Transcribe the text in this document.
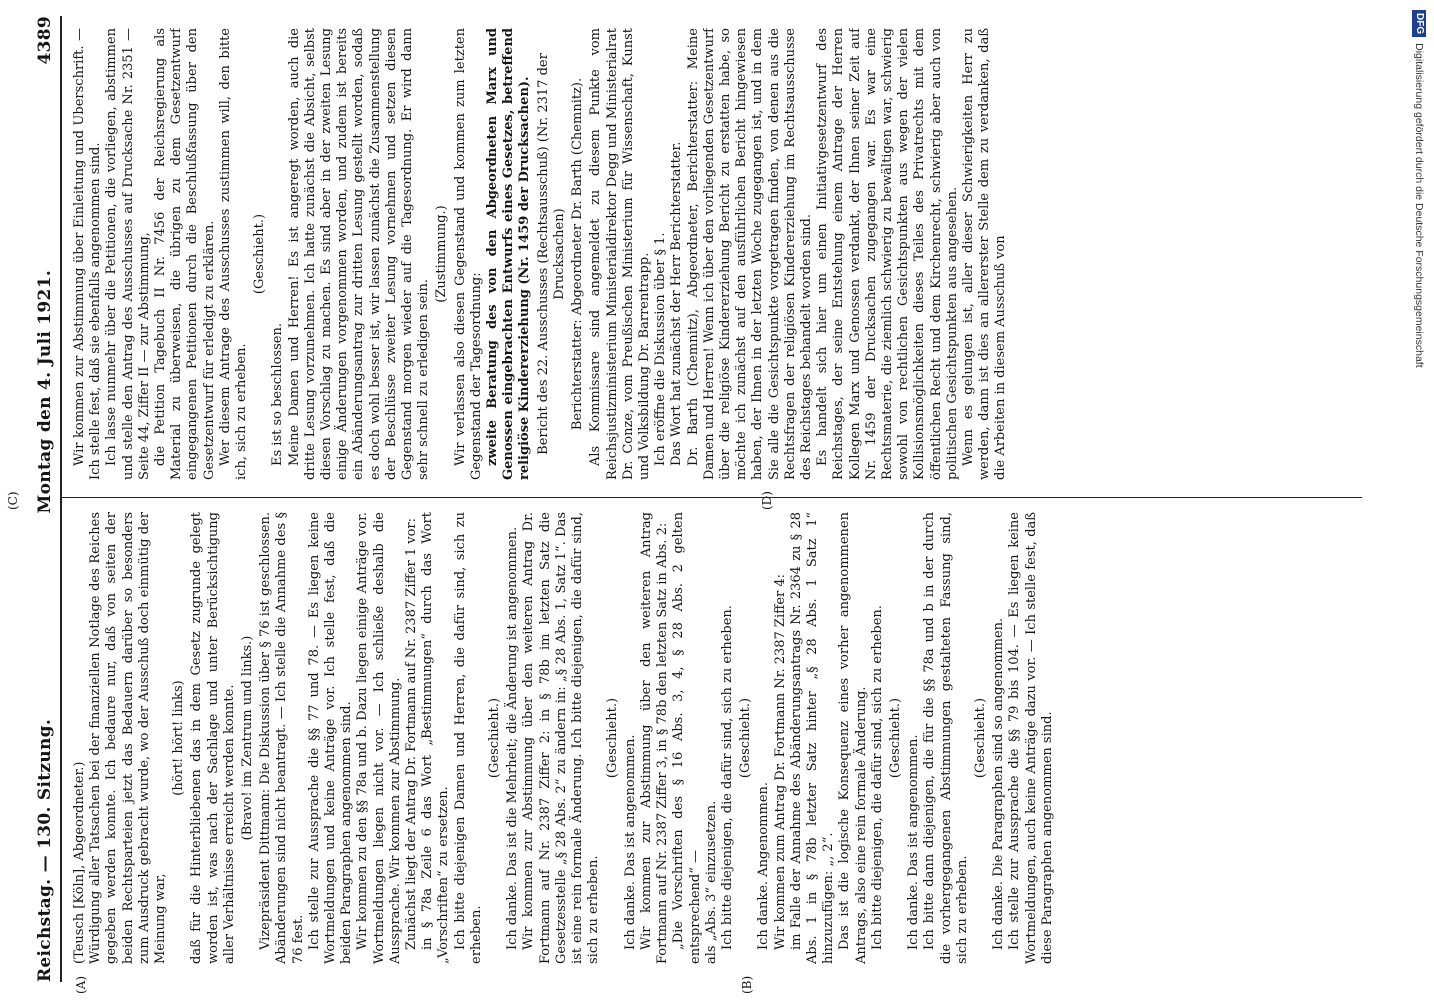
Reichstag. — 130. Sitzung.
Montag den 4. Juli 1921.
4389
(A)	(B)
(C)	(D)

(Teusch [Köln], Abgeordneter.) Würdigung aller Tatsachen bei der finanziellen Notlage des Reiches gegeben werden konnte. Ich bedaure nur, daß von seiten der beiden Rechtsparteien jetzt das Bedauern darüber so besonders zum Ausdruck gebracht wurde, wo der Ausschuß doch einmütig der Meinung war,

(hört! hört! links) daß für die Hinterbliebenen das in dem Gesetz zugrunde gelegt worden ist, was nach der Sachlage und unter Berücksichtigung aller Verhältnisse erreicht werden konnte. (Bravo! im Zentrum und links.) Vizepräsident Dittmann: Die Diskussion über § 76 ist geschlossen. Abänderungen sind nicht beantragt. — Ich stelle die Annahme des § 76 fest. Ich stelle zur Aussprache die §§ 77 und 78. — Es liegen keine Wortmeldungen und keine Anträge vor. Ich stelle fest, daß die beiden Paragraphen angenommen sind. Wir kommen zu den §§ 78a und b. Dazu liegen einige Anträge vor. Wortmeldungen liegen nicht vor. — Ich schließe deshalb die Aussprache. Wir kommen zur Abstimmung. Zunächst liegt der Antrag Dr. Fortmann auf Nr. 2387 Ziffer 1 vor: in § 78a Zeile 6 das Wort „Bestimmungen“ durch das Wort „Vorschriften“ zu ersetzen. Ich bitte diejenigen Damen und Herren, die dafür sind, sich zu erheben.

(Geschieht.) Ich danke. Das ist die Mehrheit; die Änderung ist angenommen. Wir kommen zur Abstimmung über den weiteren Antrag Dr. Fortmann auf Nr. 2387 Ziffer 2: in § 78b im letzten Satz die Gesetzesstelle „§ 28 Abs. 2“ zu ändern in: „§ 28 Abs. 1, Satz 1“. Das ist eine rein formale Änderung. Ich bitte diejenigen, die dafür sind, sich zu erheben.

(Geschieht.) Ich danke. Das ist angenommen. Wir kommen zur Abstimmung über den weiteren Antrag Fortmann auf Nr. 2387 Ziffer 3, in § 78b den letzten Satz in Abs. 2: „Die Vorschriften des § 16 Abs. 3, 4, § 28 Abs. 2 gelten entsprechend“ — als „Abs. 3“ einzusetzen. Ich bitte diejenigen, die dafür sind, sich zu erheben. (Geschieht.)

Ich danke. Angenommen. Wir kommen zum Antrag Dr. Fortmann Nr. 2387 Ziffer 4: im Falle der Annahme des Abänderungsantrags Nr. 2364 zu § 28 Abs. 1 in § 78b letzter Satz hinter „§ 28 Abs. 1 Satz 1“ hinzuzufügen: „, 2“. Das ist die logische Konsequenz eines vorher angenommenen Antrags, also eine rein formale Änderung. Ich bitte diejenigen, die dafür sind, sich zu erheben. (Geschieht.) Ich danke. Das ist angenommen. Ich bitte dann diejenigen, die für die §§ 78a und b in der durch die vorhergegangenen Abstimmungen gestalteten Fassung sind, sich zu erheben.

(Geschieht.) Ich danke. Die Paragraphen sind so angenommen. Ich stelle zur Aussprache die §§ 79 bis 104. — Es liegen keine Wortmeldungen, auch keine Anträge dazu vor. — Ich stelle fest, daß diese Paragraphen angenommen sind.

Wir kommen zur Abstimmung über Einleitung und Überschrift. — Ich stelle fest, daß sie ebenfalls angenommen sind. Ich lasse nunmehr über die Petitionen, die vorliegen, abstimmen und stelle den Antrag des Ausschusses auf Drucksache Nr. 2351 — Seite 44, Ziffer II — zur Abstimmung, die Petition Tagebuch II Nr. 7456 der Reichsregierung als Material zu überweisen, die übrigen zu dem Gesetzentwurf eingegangenen Petitionen durch die Beschlußfassung über den Gesetzentwurf für erledigt zu erklären. Wer diesem Antrage des Ausschusses zustimmen will, den bitte ich, sich zu erheben.

(Geschieht.)

Es ist so beschlossen. Meine Damen und Herren! Es ist angeregt worden, auch die dritte Lesung vorzunehmen. Ich hatte zunächst die Absicht, selbst diesen Vorschlag zu machen. Es sind aber in der zweiten Lesung einige Änderungen vorgenommen worden, und zudem ist bereits ein Abänderungsantrag zur dritten Lesung gestellt worden, sodaß es doch wohl besser ist, wir lassen zunächst die Zusammenstellung der Beschlüsse zweiter Lesung vornehmen und setzen diesen Gegenstand morgen wieder auf die Tagesordnung. Er wird dann sehr schnell zu erledigen sein.

(Zustimmung.) Wir verlassen also diesen Gegenstand und kommen zum letzten Gegenstand der Tagesordnung: zweite Beratung des von den Abgeordneten Marx und Genossen eingebrachten Entwurfs eines Gesetzes, betreffend religiöse Kindererziehung (Nr. 1459 der Drucksachen). Bericht des 22. Ausschusses (Rechtsausschuß) (Nr. 2317 der Drucksachen) Berichterstatter: Abgeordneter Dr. Barth (Chemnitz). Als Kommissare sind angemeldet zu diesem Punkte vom Reichsjustizministerium Ministerialdirektor Degg und Ministerialrat Dr. Conze, vom Preußischen Ministerium für Wissenschaft, Kunst und Volksbildung Dr. Barrentrapp. Ich eröffne die Diskussion über § 1. Das Wort hat zunächst der Herr Berichterstatter. Dr. Barth (Chemnitz), Abgeordneter, Berichterstatter: Meine Damen und Herren! Wenn ich über den vorliegenden Gesetzentwurf über die religiöse Kindererziehung Bericht zu erstatten habe, so möchte ich zunächst auf den ausführlichen Bericht hingewiesen haben, der Ihnen in der letzten Woche zugegangen ist, und in dem Sie alle die Gesichtspunkte vorgetragen finden, von denen aus die Rechtsfragen der religiösen Kindererziehung im Rechtsausschusse des Reichstages behandelt worden sind. Es handelt sich hier um einen Initiativgesetzentwurf des Reichstages, der seine Entstehung einem Antrage der Herren Kollegen Marx und Genossen verdankt, der Ihnen seiner Zeit auf Nr. 1459 der Drucksachen zugegangen war. Es war eine Rechtsmaterie, die ziemlich schwierig zu bewältigen war, schwierig sowohl von rechtlichen Gesichtspunkten aus wegen der vielen Kollisionsmöglichkeiten dieses Teiles des Privatrechts mit dem öffentlichen Recht und dem Kirchenrecht, schwierig aber auch von politischen Gesichtspunkten aus angesehen. Wenn es gelungen ist, aller dieser Schwierigkeiten Herr zu werden, dann ist dies an allererster Stelle dem zu verdanken, daß die Arbeiten in diesem Ausschuß von

DFG
Digitalisierung gefördert durch die Deutsche Forschungsgemeinschaft
